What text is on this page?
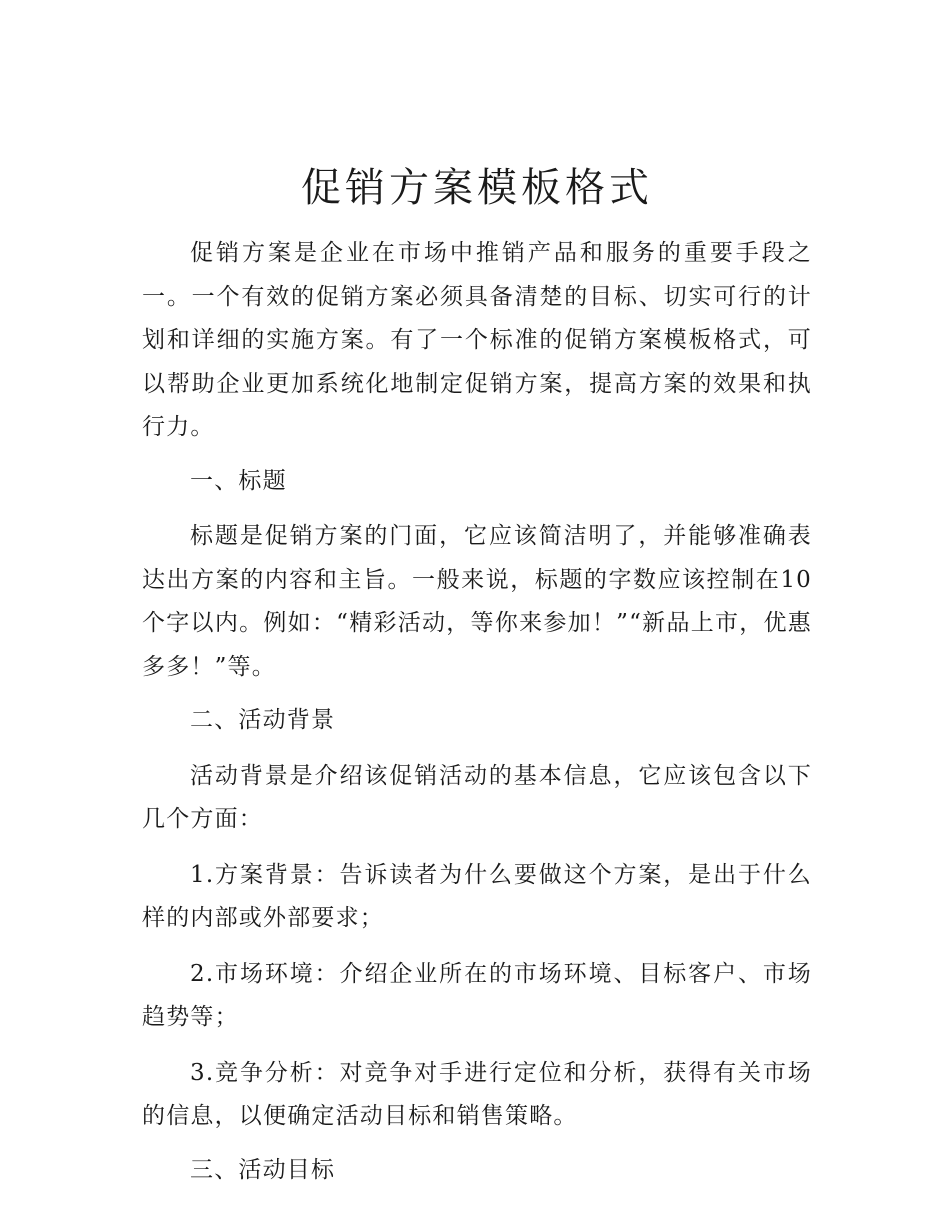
促销方案模板格式

促销方案是企业在市场中推销产品和服务的重要手段之一。一个有效的促销方案必须具备清楚的目标、切实可行的计划和详细的实施方案。有了一个标准的促销方案模板格式，可以帮助企业更加系统化地制定促销方案，提高方案的效果和执行力。

一、标题

标题是促销方案的门面，它应该简洁明了，并能够准确表达出方案的内容和主旨。一般来说，标题的字数应该控制在10个字以内。例如：“精彩活动，等你来参加！”“新品上市，优惠多多！”等。

二、活动背景

活动背景是介绍该促销活动的基本信息，它应该包含以下几个方面：

1.方案背景：告诉读者为什么要做这个方案，是出于什么样的内部或外部要求；

2.市场环境：介绍企业所在的市场环境、目标客户、市场趋势等；

3.竞争分析：对竞争对手进行定位和分析，获得有关市场的信息，以便确定活动目标和销售策略。

三、活动目标
